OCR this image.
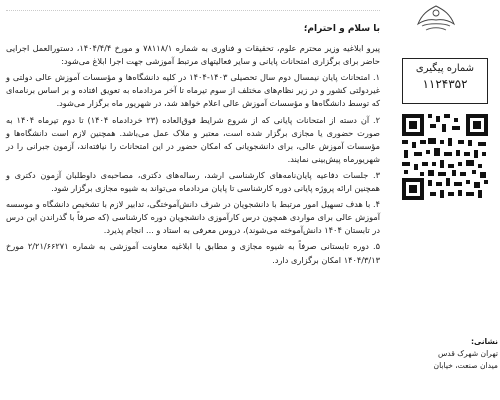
با سلام و احترام؛

پیرو ابلاغیه وزیر محترم علوم، تحقیقات و فناوری به شماره ۷۸۱۱۸/۱ و مورخ ۱۴۰۴/۴/۴، دستورالعمل اجرایی حاضر برای برگزاری امتحانات پایانی و سایر فعالیتهای مرتبط آموزشی جهت اجرا ابلاغ می‌شود:

۱. امتحانات پایان نیمسال دوم سال تحصیلی ۱۴۰۳-۱۴۰۴ در کلیه دانشگاه‌ها و مؤسسات آموزش عالی دولتی و غیردولتی کشور و در زیر نظام‌های مختلف از سوم تیرماه تا آخر مردادماه به تعویق افتاده و بر اساس برنامه‌ای که توسط دانشگاه‌ها و مؤسسات آموزش عالی اعلام خواهد شد، در شهریور ماه برگزار می‌شود.

۲. آن دسته از امتحانات پایانی که از شروع شرایط فوق‌العاده (۲۳ خردادماه ۱۴۰۴) تا دوم تیرماه ۱۴۰۴ به صورت حضوری یا مجازی برگزار شده است، معتبر و ملاک عمل می‌باشد. همچنین لازم است دانشگاه‌ها و مؤسسات آموزش عالی، برای دانشجویانی که امکان حضور در این امتحانات را نیافته‌اند، آزمون جبرانی را در شهریورماه پیش‌بینی نمایند.

۳. جلسات دفاعیه پایان‌نامه‌های کارشناسی ارشد، رساله‌های دکتری، مصاحبه‌ی داوطلبان آزمون دکتری و همچنین ارائه پروژه پایانی دوره کارشناسی تا پایان مردادماه می‌تواند به شیوه مجازی برگزار شود.

۴. با هدف تسهیل امور مرتبط با دانشجویان در شرف دانش‌آموختگی، تدابیر لازم با تشخیص دانشگاه و موسسه آموزش عالی برای مواردی همچون درس کارآموزی دانشجویان دوره کارشناسی (که صرفاً با گذراندن این درس در تابستان ۱۴۰۴ دانش‌آموخته می‌شوند)، دروس معرفی به استاد و ... انجام پذیرد.

۵. دوره تابستانی صرفاً به شیوه مجازی و مطابق با ابلاغیه معاونت آموزشی به شماره ۲/۲۱/۶۶۲۷۱ مورخ ۱۴۰۴/۳/۱۳ امکان برگزاری دارد.

شماره پیگیری
۱۱۲۴۳۵۲
نشانی:
تهران شهرک قدس
میدان صنعت، خیابان
